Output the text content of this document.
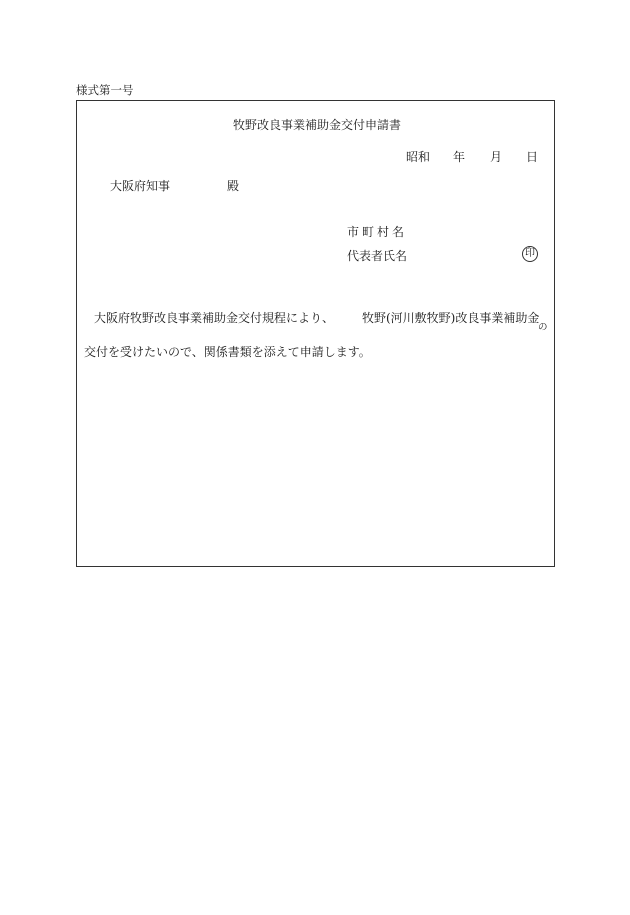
様式第一号
牧野改良事業補助金交付申請書
昭和 年 月 日
大阪府知事	殿
市町村名
代表者氏名	印
大阪府牧野改良事業補助金交付規程により、 牧野(河川敷牧野)改良事業補助金
の
交付を受けたいので、関係書類を添えて申請します。
